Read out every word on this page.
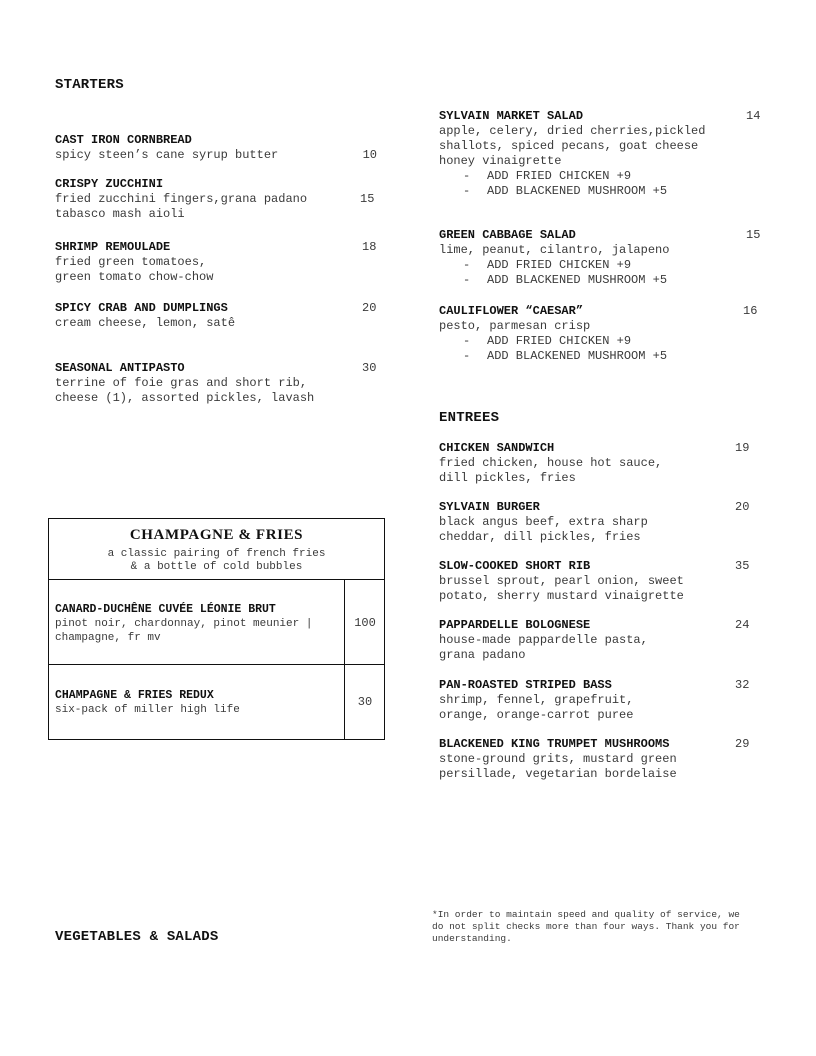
STARTERS
CAST IRON CORNBREAD
spicy steen’s cane syrup butter	10
CRISPY ZUCCHINI
fried zucchini fingers,grana padano tabasco mash aioli
15
SHRIMP REMOULADE
fried green tomatoes, green tomato chow-chow
18
SPICY CRAB AND DUMPLINGS
cream cheese, lemon, satê
20
SEASONAL ANTIPASTO
terrine of foie gras and short rib, cheese (1), assorted pickles, lavash
30
CHAMPAGNE & FRIES
a classic pairing of french fries
& a bottle of cold bubbles
CANARD-DUCHÊNE CUVÉE LÉONIE BRUT
pinot noir, chardonnay, pinot meunier | champagne, fr mv
100
CHAMPAGNE & FRIES REDUX
six-pack of miller high life
30
VEGETABLES & SALADS
SYLVAIN MARKET SALAD
apple, celery, dried cherries,pickled shallots, spiced pecans, goat cheese honey vinaigrette
- ADD FRIED CHICKEN +9
- ADD BLACKENED MUSHROOM +5
14
GREEN CABBAGE SALAD
lime, peanut, cilantro, jalapeno
- ADD FRIED CHICKEN +9
- ADD BLACKENED MUSHROOM +5
15
CAULIFLOWER “CAESAR”
pesto, parmesan crisp
- ADD FRIED CHICKEN +9
- ADD BLACKENED MUSHROOM +5
16
ENTREES
CHICKEN SANDWICH
fried chicken, house hot sauce, dill pickles, fries
19
SYLVAIN BURGER
black angus beef, extra sharp cheddar, dill pickles, fries
20
SLOW-COOKED SHORT RIB
brussel sprout, pearl onion, sweet potato, sherry mustard vinaigrette
35
PAPPARDELLE BOLOGNESE
house-made pappardelle pasta, grana padano
24
PAN-ROASTED STRIPED BASS
shrimp, fennel, grapefruit, orange, orange-carrot puree
32
BLACKENED KING TRUMPET MUSHROOMS
stone-ground grits, mustard green persillade, vegetarian bordelaise
29
*In order to maintain speed and quality of service, we do not split checks more than four ways. Thank you for understanding.
